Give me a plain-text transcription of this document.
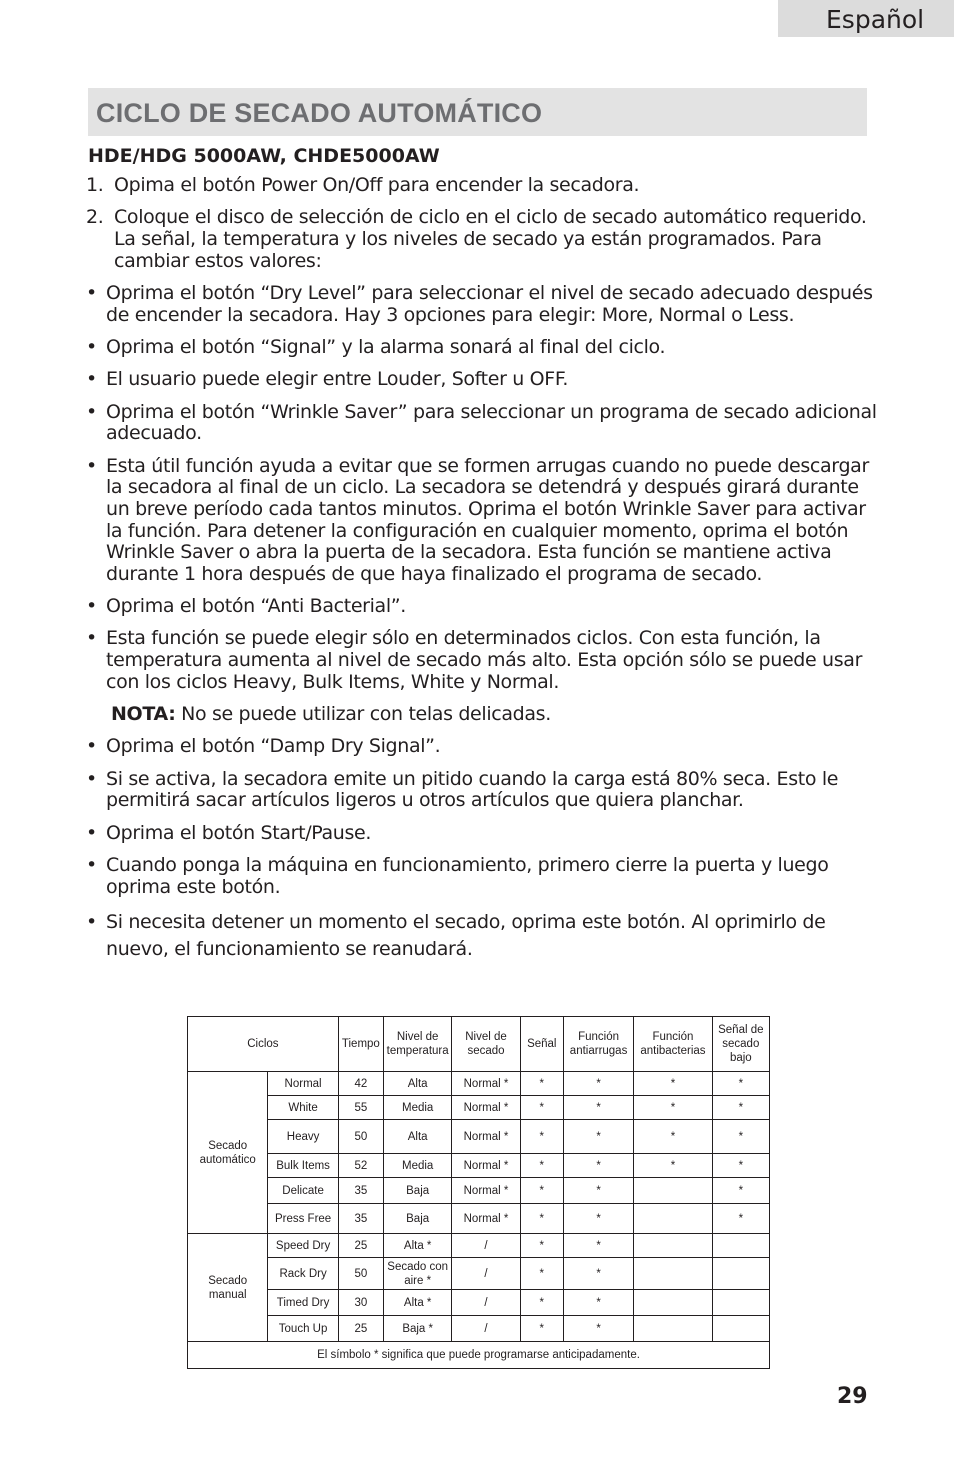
Español
CICLO DE SECADO AUTOMÁTICO
HDE/HDG 5000AW, CHDE5000AW

1. Opima el botón Power On/Off para encender la secadora.

2. Coloque el disco de selección de ciclo en el ciclo de secado automático requerido. La señal, la temperatura y los niveles de secado ya están programados. Para cambiar estos valores:

• Oprima el botón “Dry Level” para seleccionar el nivel de secado adecuado después de encender la secadora. Hay 3 opciones para elegir: More, Normal o Less.

• Oprima el botón “Signal” y la alarma sonará al final del ciclo.

• El usuario puede elegir entre Louder, Softer u OFF.

• Oprima el botón “Wrinkle Saver” para seleccionar un programa de secado adicional adecuado.

• Esta útil función ayuda a evitar que se formen arrugas cuando no puede descargar la secadora al final de un ciclo. La secadora se detendrá y después girará durante un breve período cada tantos minutos. Oprima el botón Wrinkle Saver para activar la función. Para detener la configuración en cualquier momento, oprima el botón Wrinkle Saver o abra la puerta de la secadora. Esta función se mantiene activa durante 1 hora después de que haya finalizado el programa de secado.

• Oprima el botón “Anti Bacterial”.

• Esta función se puede elegir sólo en determinados ciclos. Con esta función, la temperatura aumenta al nivel de secado más alto. Esta opción sólo se puede usar con los ciclos Heavy, Bulk Items, White y Normal.

NOTA: No se puede utilizar con telas delicadas.

• Oprima el botón “Damp Dry Signal”.

• Si se activa, la secadora emite un pitido cuando la carga está 80% seca. Esto le permitirá sacar artículos ligeros u otros artículos que quiera planchar.

• Oprima el botón Start/Pause.

• Cuando ponga la máquina en funcionamiento, primero cierre la puerta y luego oprima este botón.

• Si necesita detener un momento el secado, oprima este botón. Al oprimirlo de nuevo, el funcionamiento se reanudará.

Ciclos		Tiempo	Nivel de temperatura	Nivel de secado	Señal	Función antiarrugas	Función antibacterias	Señal de secado bajo
Secado automático	Normal	42	Alta	Normal *	*	*	*	*
	White	55	Media	Normal *	*	*	*	*
	Heavy	50	Alta	Normal *	*	*	*	*
	Bulk Items	52	Media	Normal *	*	*	*	*
	Delicate	35	Baja	Normal *	*	*		*
	Press Free	35	Baja	Normal *	*	*		*
Secado manual	Speed Dry	25	Alta *	/	*	*		
	Rack Dry	50	Secado con aire *	/	*	*		
	Timed Dry	30	Alta *	/	*	*		
	Touch Up	25	Baja *	/	*	*		
El símbolo * significa que puede programarse anticipadamente.								
29
